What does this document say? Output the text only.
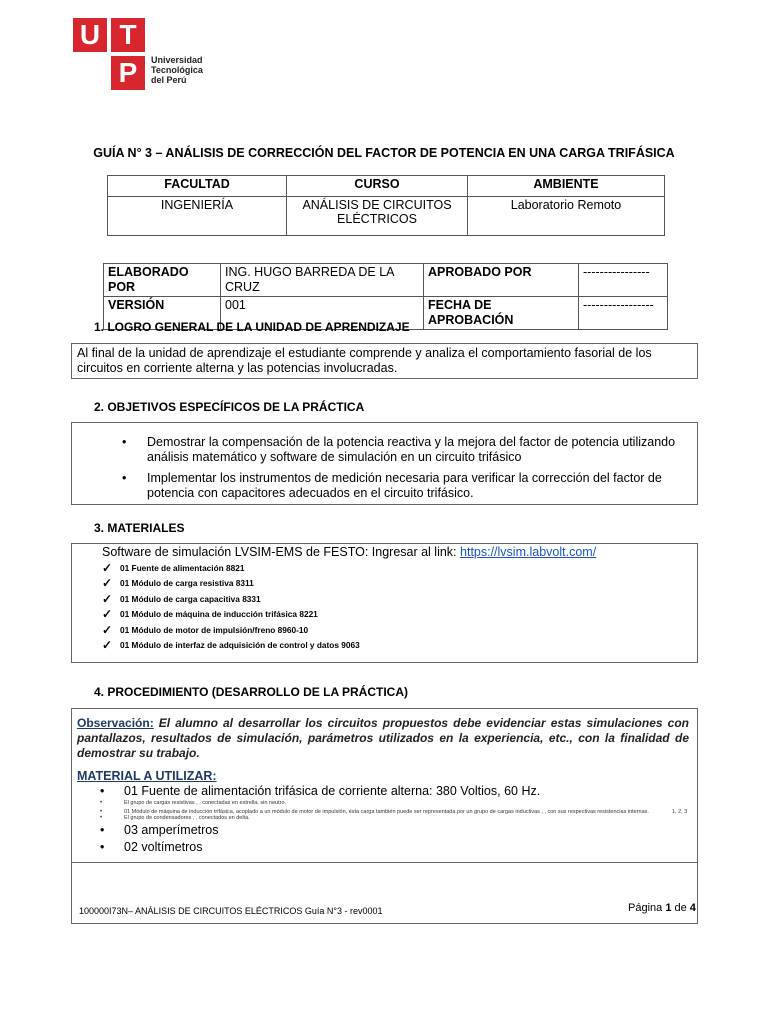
U T
P	Universidad
Tecnológica
del Perú
GUÍA N° 3 – ANÁLISIS DE CORRECCIÓN DEL FACTOR DE POTENCIA EN UNA CARGA TRIFÁSICA
FACULTAD	CURSO	AMBIENTE
INGENIERÍA	ANÁLISIS DE CIRCUITOS ELÉCTRICOS	Laboratorio Remoto
ELABORADO POR	ING. HUGO BARREDA DE LA CRUZ	APROBADO POR	----------------
VERSIÓN	001	FECHA DE APROBACIÓN	-----------------
1. LOGRO GENERAL DE LA UNIDAD DE APRENDIZAJE
Al final de la unidad de aprendizaje el estudiante comprende y analiza el comportamiento fasorial de los circuitos en corriente alterna y las potencias involucradas.
2. OBJETIVOS ESPECÍFICOS DE LA PRÁCTICA
• Demostrar la compensación de la potencia reactiva y la mejora del factor de potencia utilizando análisis matemático y software de simulación en un circuito trifásico
• Implementar los instrumentos de medición necesaria para verificar la corrección del factor de potencia con capacitores adecuados en el circuito trifásico.
3. MATERIALES
Software de simulación LVSIM-EMS de FESTO: Ingresar al link: https://lvsim.labvolt.com/
✓ 01 Fuente de alimentación 8821
✓ 01 Módulo de carga resistiva 8311
✓ 01 Módulo de carga capacitiva 8331
✓ 01 Módulo de máquina de inducción trifásica 8221
✓ 01 Módulo de motor de impulsión/freno 8960-10
✓ 01 Módulo de interfaz de adquisición de control y datos 9063
4. PROCEDIMIENTO (DESARROLLO DE LA PRÁCTICA)
Observación: El alumno al desarrollar los circuitos propuestos debe evidenciar estas simulaciones con pantallazos, resultados de simulación, parámetros utilizados en la experiencia, etc., con la finalidad de demostrar su trabajo.
MATERIAL A UTILIZAR:
•	01 Fuente de alimentación trifásica de corriente alterna: 380 Voltios, 60 Hz.
•	El grupo de cargas resistivas , , conectadas en estrella, sin neutro.
•	01 Módulo de máquina de inducción trifásica, acoplado a un módulo de motor de impulsión, ésta carga también puede ser representada por un grupo de cargas inductivas , , con sus respectivas resistencias internas.	1, 2, 3
•	El grupo de condensadores , , conectados en delta.
•	03 amperímetros
•	02 voltímetros
100000I73N– ANÁLISIS DE CIRCUITOS ELÉCTRICOS Guía N°3 - rev0001	Página 1 de 4
